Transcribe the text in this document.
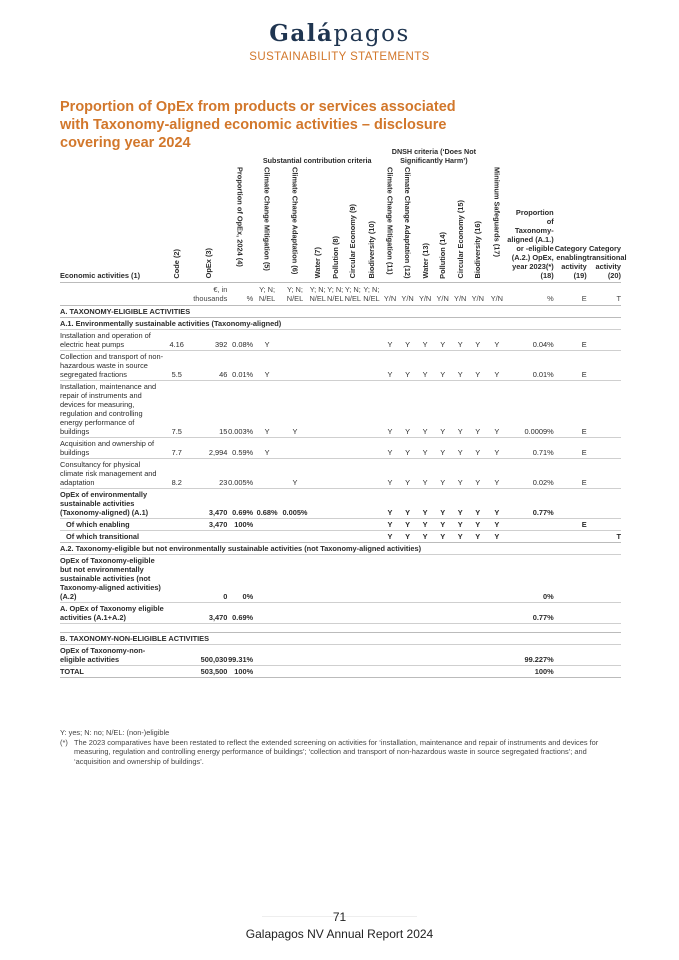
Galápagos
SUSTAINABILITY STATEMENTS
Proportion of OpEx from products or services associated with Taxonomy-aligned economic activities – disclosure covering year 2024
				Substantial contribution criteria						DNSH criteria (‘Does Not Significantly Harm’)									
Economic activities (1)	Code (2)	OpEx (3)	Proportion of OpEx, 2024 (4)	Climate Change Mitigation (5)	Climate Change Adaptation (6)	Water (7)	Pollution (8)	Circular Economy (9)	Biodiversity (10)	Climate Change Mitigation (11)	Climate Change Adaptation (12)	Water (13)	Pollution (14)	Circular Economy (15)	Biodiversity (16)	Minimum Safeguards (17)	Proportion of Taxonomy-aligned (A.1.) or -eligible (A.2.) OpEx, year 2023(*) (18)	Category enabling activity (19)	Category transitional activity (20)
		€, in thousands	%	Y; N; N/EL	Y; N; N/EL	Y; N; N/EL	Y; N; N/EL	Y; N; N/EL	Y; N; N/EL	Y/N	Y/N	Y/N	Y/N	Y/N	Y/N	Y/N	%	E	T
A. TAXONOMY-ELIGIBLE ACTIVITIES																			
A.1. Environmentally sustainable activities (Taxonomy-aligned)																			
Installation and operation of electric heat pumps	4.16	392	0.08%	Y						Y	Y	Y	Y	Y	Y	Y	0.04%	E	
Collection and transport of non-hazardous waste in source segregated fractions	5.5	46	0.01%	Y						Y	Y	Y	Y	Y	Y	Y	0.01%	E	
Installation, maintenance and repair of instruments and devices for measuring, regulation and controlling energy performance of buildings	7.5	15	0.003%	Y	Y					Y	Y	Y	Y	Y	Y	Y	0.0009%	E	
Acquisition and ownership of buildings	7.7	2,994	0.59%	Y						Y	Y	Y	Y	Y	Y	Y	0.71%	E	
Consultancy for physical climate risk management and adaptation	8.2	23	0.005%		Y					Y	Y	Y	Y	Y	Y	Y	0.02%	E	
OpEx of environmentally sustainable activities (Taxonomy-aligned) (A.1)		3,470	0.69%	0.68%	0.005%					Y	Y	Y	Y	Y	Y	Y	0.77%		
Of which enabling		3,470	100%							Y	Y	Y	Y	Y	Y	Y		E	
Of which transitional										Y	Y	Y	Y	Y	Y	Y			T
A.2. Taxonomy-eligible but not environmentally sustainable activities (not Taxonomy-aligned activities)																			
OpEx of Taxonomy-eligible but not environmentally sustainable activities (not Taxonomy-aligned activities) (A.2)		0	0%														0%		
A. OpEx of Taxonomy eligible activities (A.1+A.2)		3,470	0.69%														0.77%		

B. TAXONOMY-NON-ELIGIBLE ACTIVITIES																			
OpEx of Taxonomy-non-eligible activities		500,030	99.31%														99.227%		
TOTAL		503,500	100%														100%		
Y: yes; N: no; N/EL: (non-)eligible
(*) The 2023 comparatives have been restated to reflect the extended screening on activities for ‘installation, maintenance and repair of instruments and devices for measuring, regulation and controlling energy performance of buildings’; ‘collection and transport of non-hazardous waste in source segregated fractions’; and ‘acquisition and ownership of buildings’.
71
Galapagos NV Annual Report 2024
